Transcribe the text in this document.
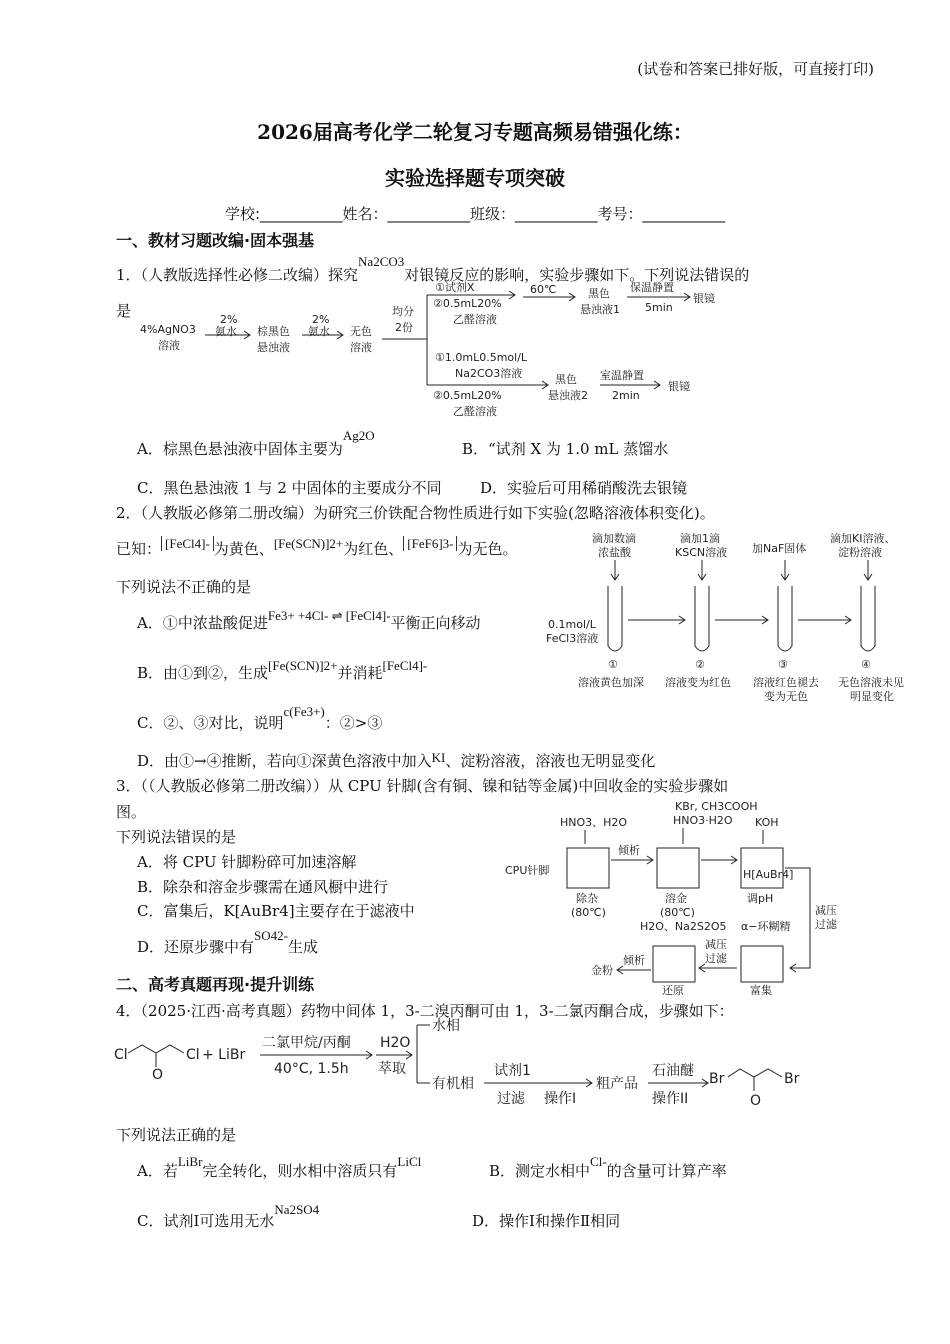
(试卷和答案已排好版，可直接打印)
2026届高考化学二轮复习专题高频易错强化练：
实验选择题专项突破
学校:___________姓名：___________班级：___________考号：___________
一、教材习题改编·固本强基
1．（人教版选择性必修二改编）探究Na2CO3对银镜反应的影响，实验步骤如下。下列说法错误的
是
4%AgNO3
溶液
2%
氨水 棕黑色
悬浊液
2%
氨水 无色
溶液
均分
2份
①试剂X
②0.5mL20%
乙醛溶液
60℃	黑色
悬浊液1
保温静置
5min
银镜
①1.0mL0.5mol/L
Na2CO3溶液
②0.5mL20%
乙醛溶液
黑色
悬浊液2
室温静置
2min
银镜
A．棕黑色悬浊液中固体主要为Ag2O
B．“试剂 X 为 1.0 mL 蒸馏水
C．黑色悬浊液 1 与 2 中固体的主要成分不同	D．实验后可用稀硝酸洗去银镜
2．（人教版必修第二册改编）为研究三价铁配合物性质进行如下实验(忽略溶液体积变化)。
已知： [FeCl4]- 为黄色、[Fe(SCN)]2+为红色、 [FeF6]3- 为无色。
下列说法不正确的是
滴加数滴
浓盐酸
滴加1滴
KSCN溶液 加NaF固体
滴加KI溶液、
淀粉溶液
0.1mol/L
FeCl3溶液
①	②	③	④
溶液黄色加深 溶液变为红色 溶液红色褪去
变为无色
无色溶液未见
明显变化
A．①中浓盐酸促进Fe3+ +4Cl- ⇌ [FeCl4]-平衡正向移动
B．由①到②，生成[Fe(SCN)]2+并消耗[FeCl4]-
C．②、③对比，说明c(Fe3+)：②>③
D．由①→④推断，若向①深黄色溶液中加入KI、淀粉溶液，溶液也无明显变化
3．（（人教版必修第二册改编））从 CPU 针脚(含有铜、镍和钴等金属)中回收金的实验步骤如
图。
下列说法错误的是
A．将 CPU 针脚粉碎可加速溶解
B．除杂和溶金步骤需在通风橱中进行
C．富集后，K[AuBr4]主要存在于滤液中
D．还原步骤中有SO42-生成
HNO3、H2O
KBr, CH3COOH
HNO3·H2O KOH
CPU针脚
倾析
除杂
(80℃)
溶金
(80℃)
H[AuBr4]
调pH
减压
过滤
H2O、Na2S2O5 α−环糊精
减压
过滤
倾析
金粉
还原	富集
二、高考真题再现·提升训练
4．（2025·江西·高考真题）药物中间体 1，3-二溴丙酮可由 1，3-二氯丙酮合成，步骤如下：
Cl
O
Cl + LiBr
二氯甲烷/丙酮
40°C, 1.5h
H2O
萃取
水相
有机相
试剂1
过滤 操作I
粗产品
石油醚
操作II
Br
O
Br
下列说法正确的是
A．若LiBr完全转化，则水相中溶质只有LiCl
B．测定水相中Cl-的含量可计算产率
C．试剂Ⅰ可选用无水Na2SO4
D．操作Ⅰ和操作Ⅱ相同
